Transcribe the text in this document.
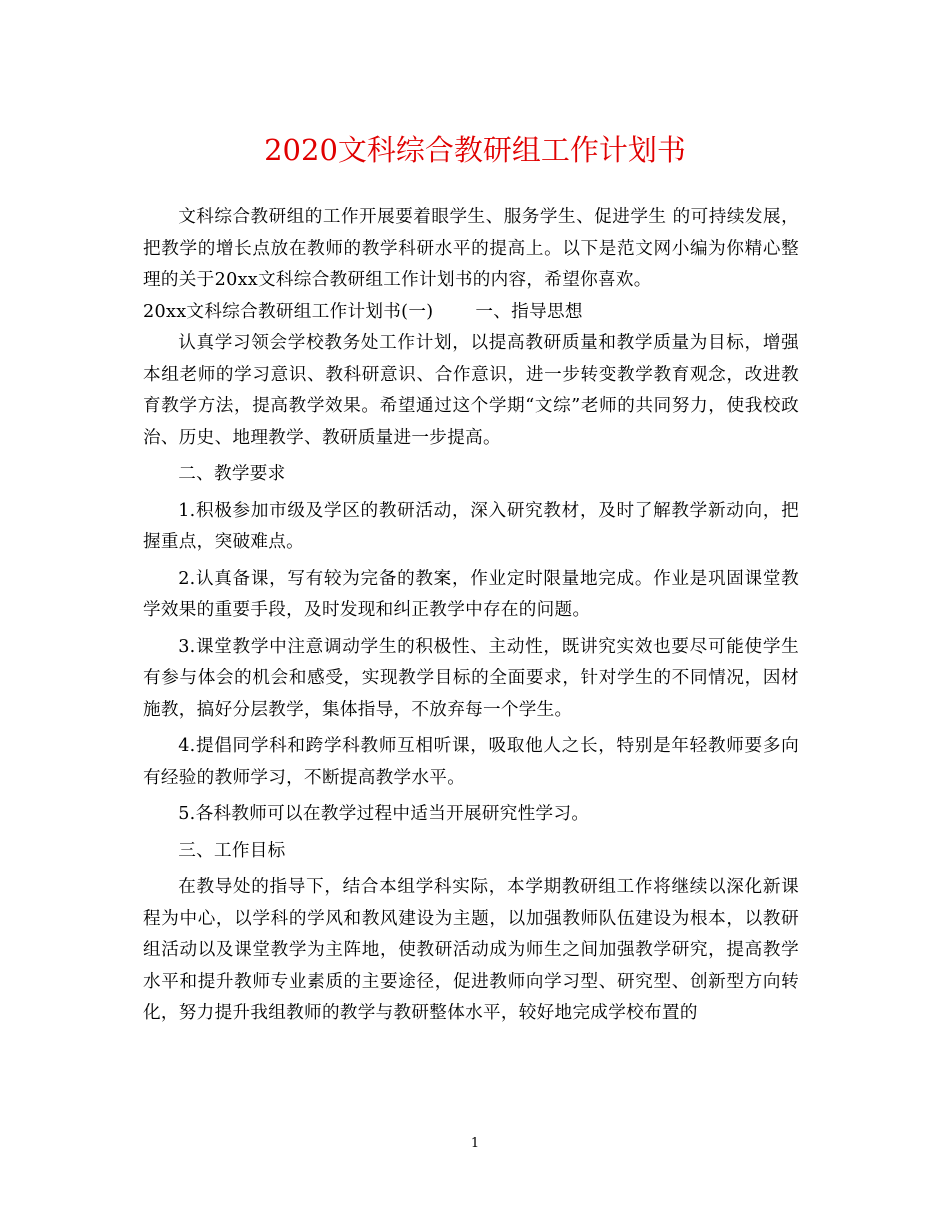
2020文科综合教研组工作计划书

文科综合教研组的工作开展要着眼学生、服务学生、促进学生 的可持续发展，把教学的增长点放在教师的教学科研水平的提高上。以下是范文网小编为你精心整理的关于20xx文科综合教研组工作计划书的内容，希望你喜欢。

20xx文科综合教研组工作计划书(一) 一、指导思想

认真学习领会学校教务处工作计划，以提高教研质量和教学质量为目标，增强本组老师的学习意识、教科研意识、合作意识，进一步转变教学教育观念，改进教育教学方法，提高教学效果。希望通过这个学期“文综”老师的共同努力，使我校政治、历史、地理教学、教研质量进一步提高。

二、教学要求

1.积极参加市级及学区的教研活动，深入研究教材，及时了解教学新动向，把握重点，突破难点。

2.认真备课，写有较为完备的教案，作业定时限量地完成。作业是巩固课堂教学效果的重要手段，及时发现和纠正教学中存在的问题。

3.课堂教学中注意调动学生的积极性、主动性，既讲究实效也要尽可能使学生有参与体会的机会和感受，实现教学目标的全面要求，针对学生的不同情况，因材施教，搞好分层教学，集体指导，不放弃每一个学生。

4.提倡同学科和跨学科教师互相听课，吸取他人之长，特别是年轻教师要多向有经验的教师学习，不断提高教学水平。

5.各科教师可以在教学过程中适当开展研究性学习。

三、工作目标

在教导处的指导下，结合本组学科实际，本学期教研组工作将继续以深化新课程为中心，以学科的学风和教风建设为主题，以加强教师队伍建设为根本，以教研组活动以及课堂教学为主阵地，使教研活动成为师生之间加强教学研究，提高教学水平和提升教师专业素质的主要途径，促进教师向学习型、研究型、创新型方向转化，努力提升我组教师的教学与教研整体水平，较好地完成学校布置的

1
